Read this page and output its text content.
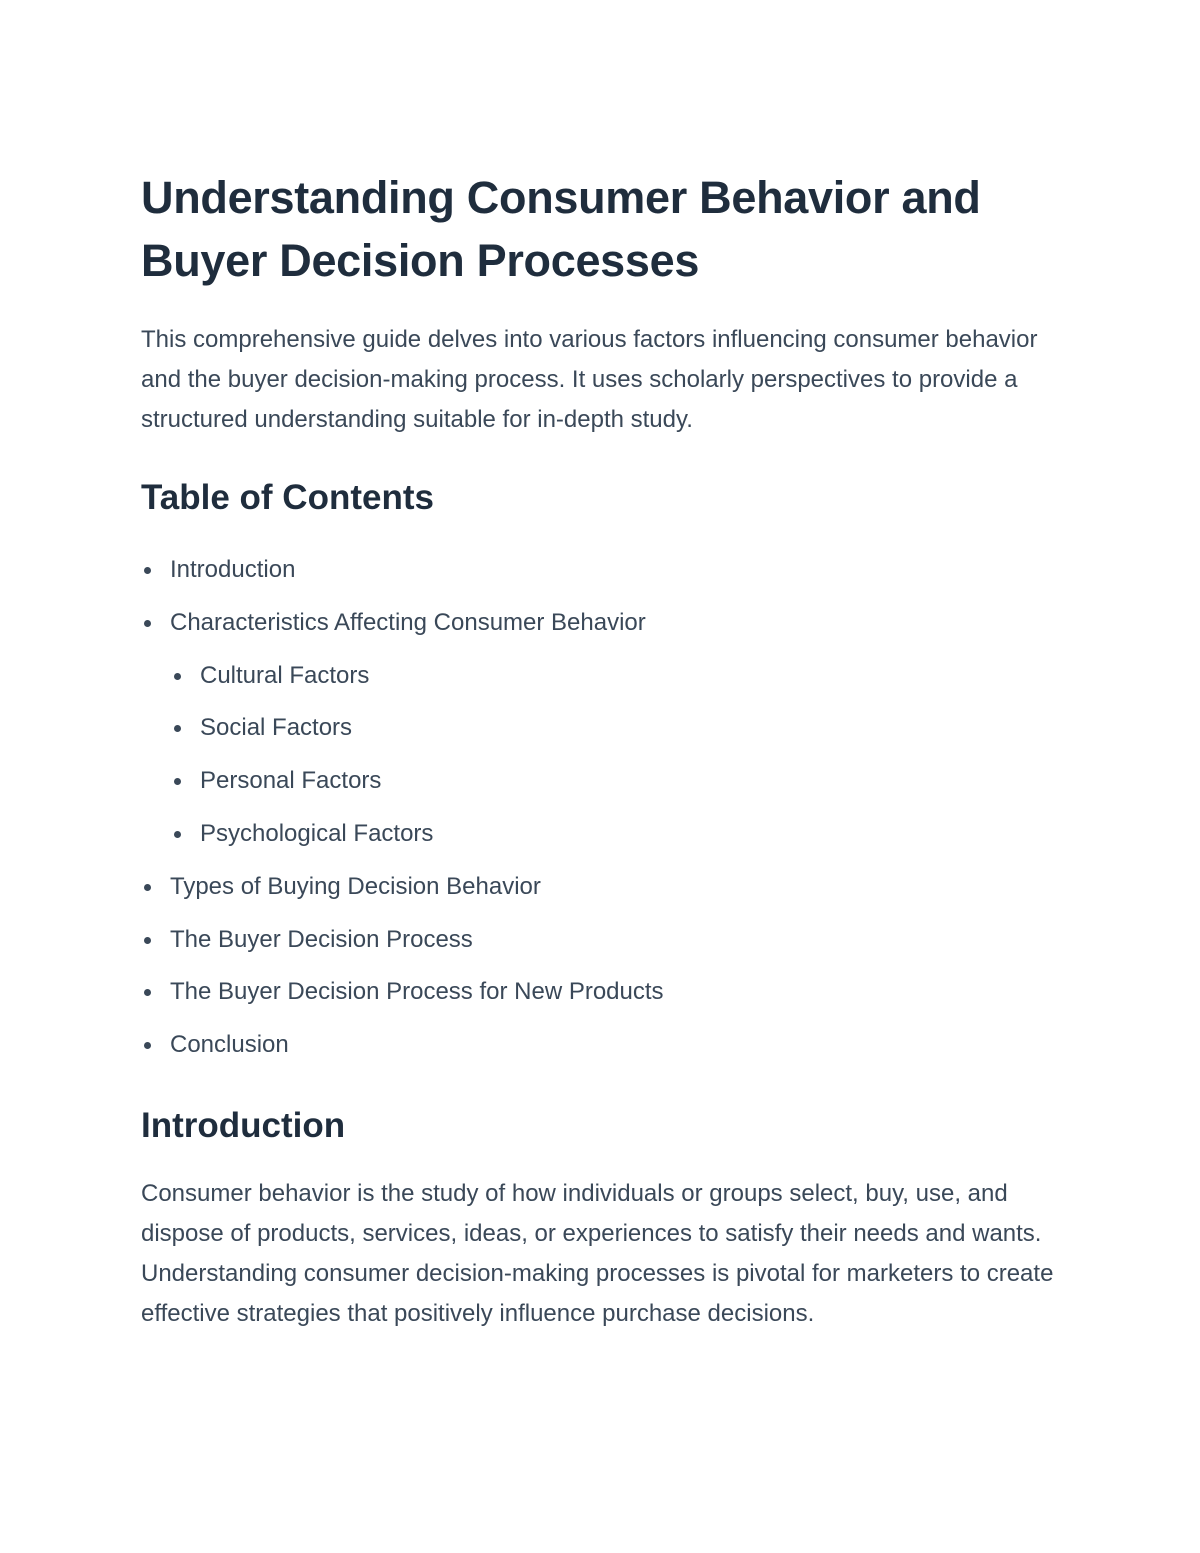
Understanding Consumer Behavior and Buyer Decision Processes

This comprehensive guide delves into various factors influencing consumer behavior and the buyer decision-making process. It uses scholarly perspectives to provide a structured understanding suitable for in-depth study.

Table of Contents
Introduction
Characteristics Affecting Consumer Behavior
Cultural Factors
Social Factors
Personal Factors
Psychological Factors
Types of Buying Decision Behavior
The Buyer Decision Process
The Buyer Decision Process for New Products
Conclusion
Introduction

Consumer behavior is the study of how individuals or groups select, buy, use, and dispose of products, services, ideas, or experiences to satisfy their needs and wants. Understanding consumer decision-making processes is pivotal for marketers to create effective strategies that positively influence purchase decisions.
